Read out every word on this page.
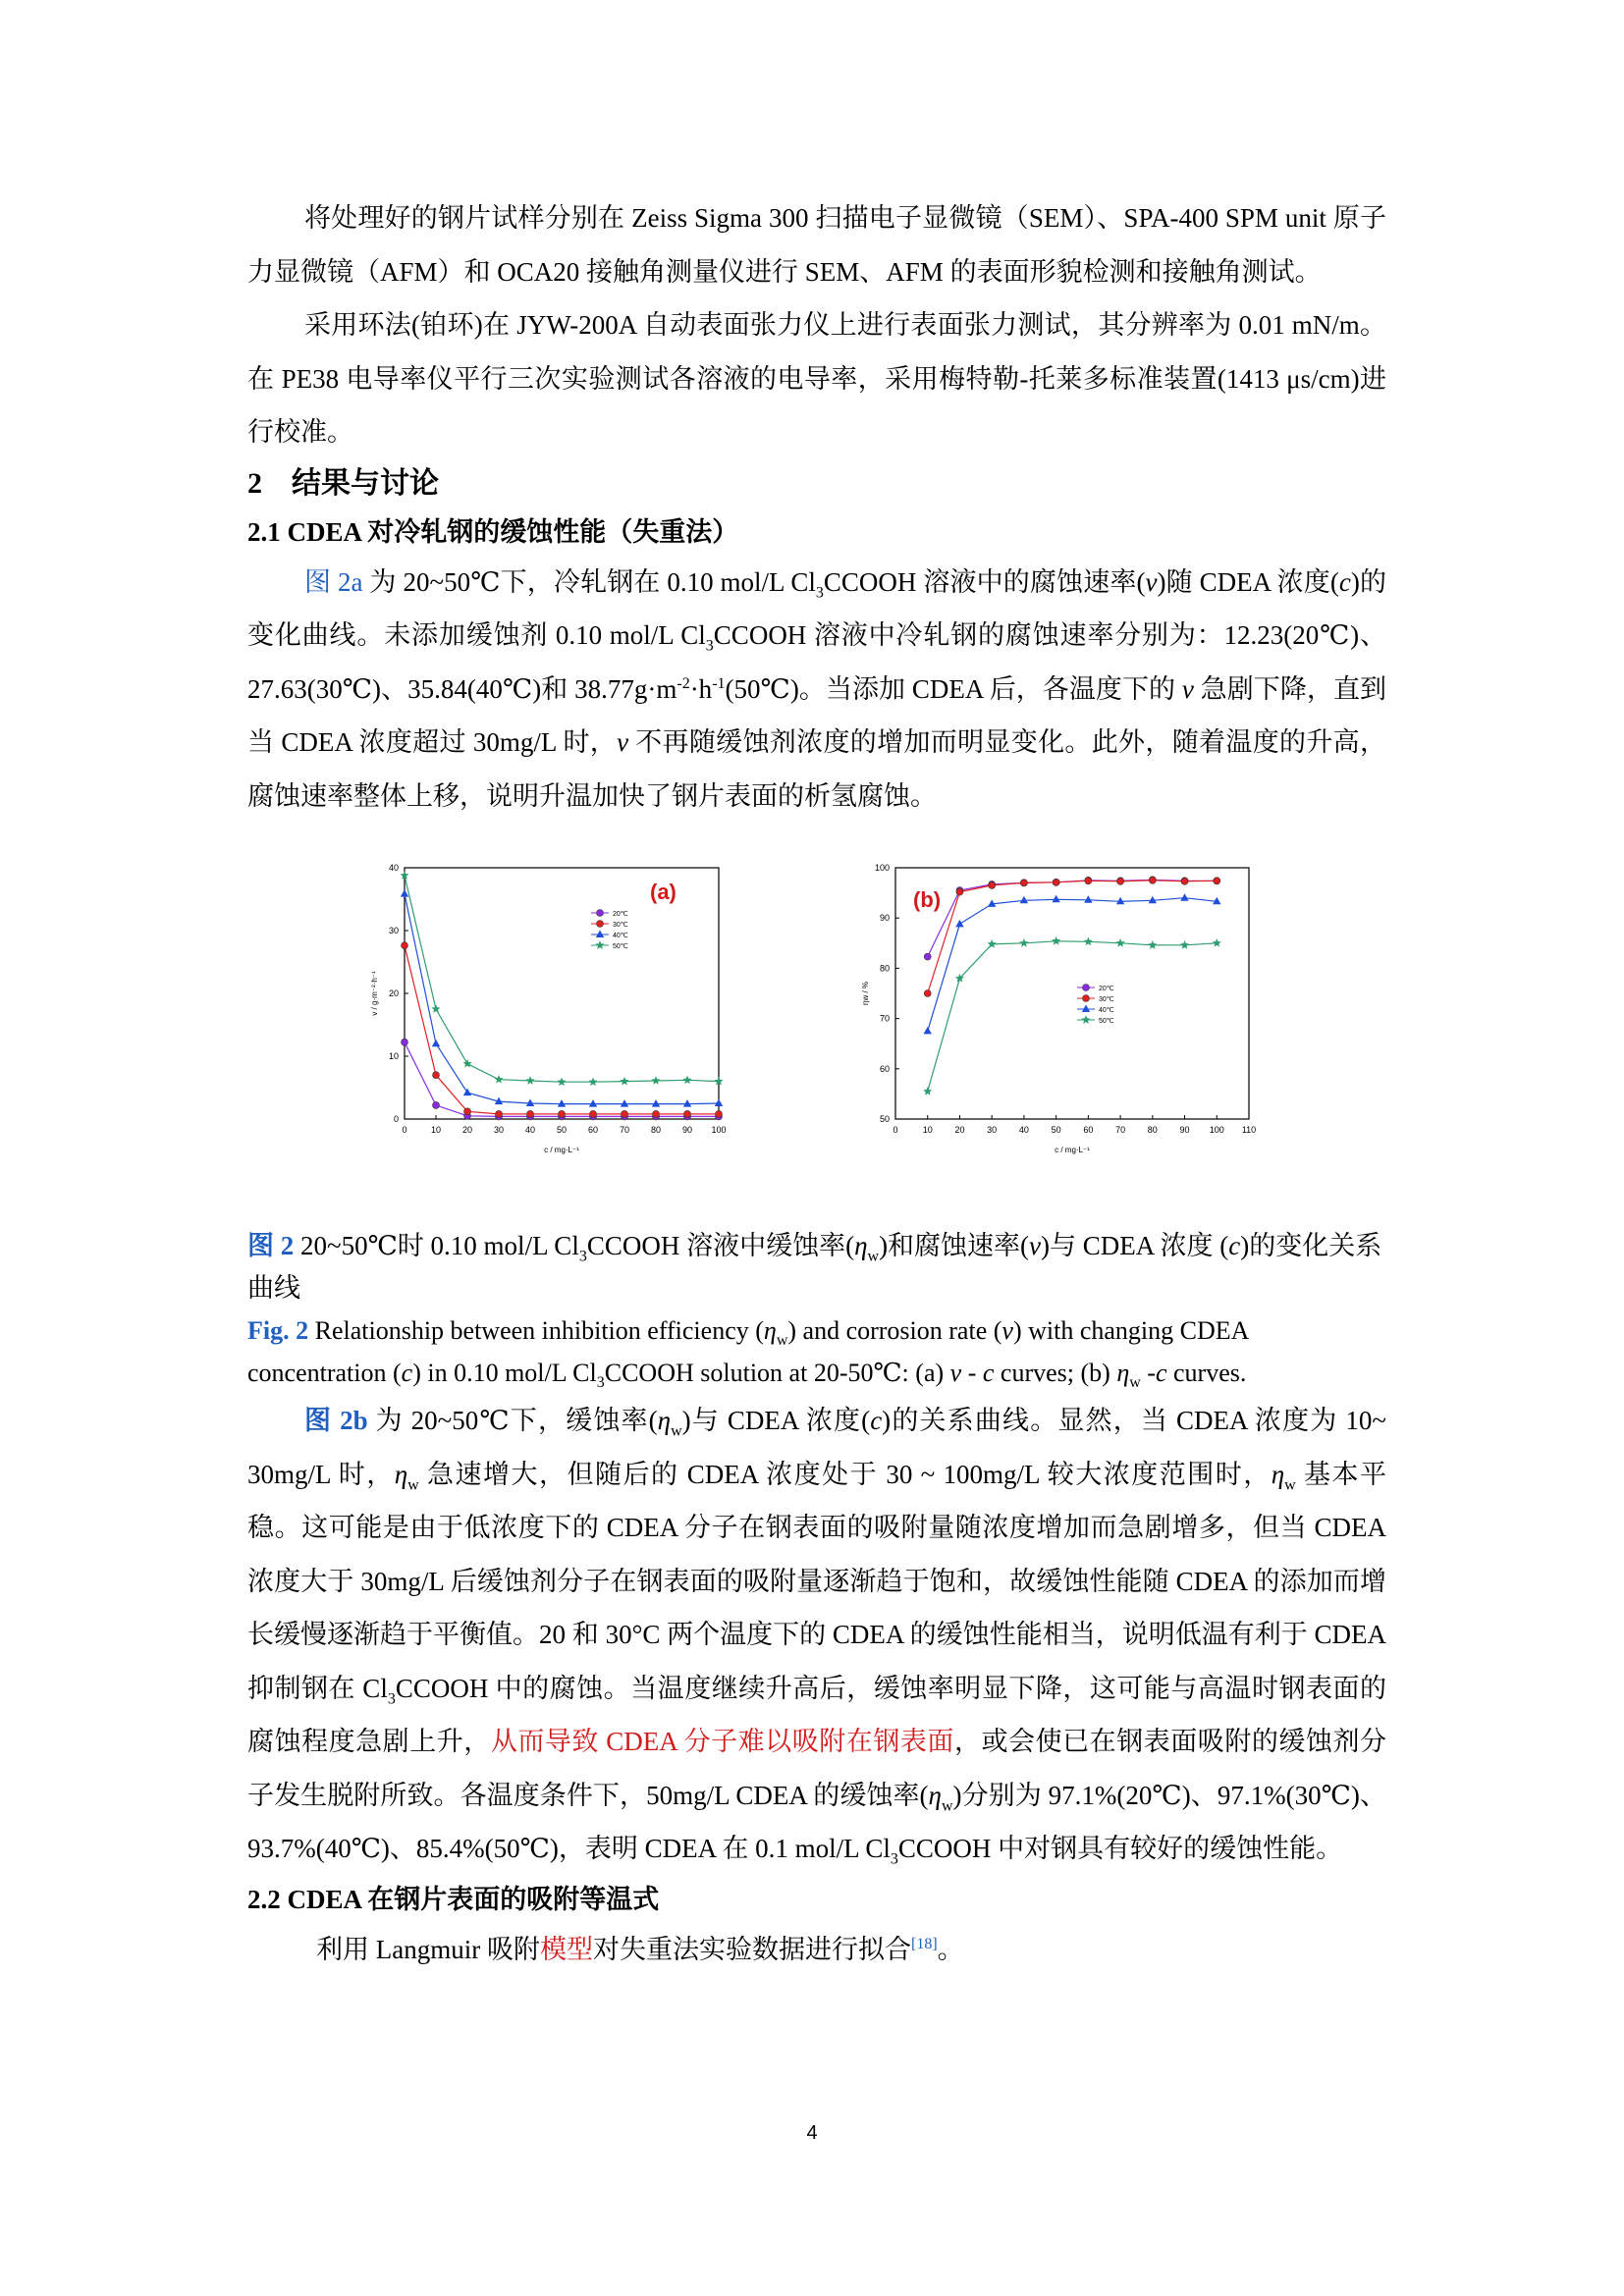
将处理好的钢片试样分别在 Zeiss Sigma 300 扫描电子显微镜（SEM）、SPA-400 SPM unit 原子力显微镜（AFM）和 OCA20 接触角测量仪进行 SEM、AFM 的表面形貌检测和接触角测试。

采用环法(铂环)在 JYW-200A 自动表面张力仪上进行表面张力测试，其分辨率为 0.01 mN/m。在 PE38 电导率仪平行三次实验测试各溶液的电导率，采用梅特勒-托莱多标准装置(1413 μs/cm)进行校准。

2　结果与讨论
2.1 CDEA 对冷轧钢的缓蚀性能（失重法）

图 2a 为 20~50℃下，冷轧钢在 0.10 mol/L $Cl_3CCOOH$ 溶液中的腐蚀速率(v)随 CDEA 浓度(c)的变化曲线。未添加缓蚀剂 0.10 mol/L $Cl_3CCOOH$ 溶液中冷轧钢的腐蚀速率分别为：12.23(20℃)、27.63(30℃)、35.84(40℃)和 $38.77g\cdot m^{-2}\cdot h^{-1}(50℃)$。当添加 CDEA 后，各温度下的 v 急剧下降，直到当 CDEA 浓度超过 30mg/L 时，v 不再随缓蚀剂浓度的增加而明显变化。此外，随着温度的升高，腐蚀速率整体上移，说明升温加快了钢片表面的析氢腐蚀。

0	10 20 30 40 50 60 70 80 90 100
0
10
20
30
40
c / mg·L⁻¹
v / g·m⁻²·h⁻¹
20℃
30℃
40℃
50℃
(a)
0	10	20	30	40	50	60	70	80	90 100 110
50
60
70
80
90
100
c / mg·L⁻¹
ηw / %	20℃
30℃
40℃
50℃
(b)

图 2 20~50℃时 0.10 mol/L $Cl_3CCOOH$ 溶液中缓蚀率$(\eta_w)$和腐蚀速率(v)与 CDEA 浓度 (c)的变化关系曲线

Fig. 2 Relationship between inhibition efficiency $(\eta_w)$ and corrosion rate (v) with changing CDEA concentration (c) in 0.10 mol/L $Cl_3CCOOH$ solution at 20-50℃: (a) v - c curves; (b) $\eta_w$ -c curves.

图 2b 为 20~50℃下，缓蚀率$(\eta_w)$与 CDEA 浓度(c)的关系曲线。显然，当 CDEA 浓度为 10~ 30mg/L 时，$\eta_w$ 急速增大，但随后的 CDEA 浓度处于 30 ~ 100mg/L 较大浓度范围时，$\eta_w$ 基本平稳。这可能是由于低浓度下的 CDEA 分子在钢表面的吸附量随浓度增加而急剧增多，但当 CDEA 浓度大于 30mg/L 后缓蚀剂分子在钢表面的吸附量逐渐趋于饱和，故缓蚀性能随 CDEA 的添加而增长缓慢逐渐趋于平衡值。20 和 30°C 两个温度下的 CDEA 的缓蚀性能相当，说明低温有利于 CDEA 抑制钢在 $Cl_3CCOOH$ 中的腐蚀。当温度继续升高后，缓蚀率明显下降，这可能与高温时钢表面的腐蚀程度急剧上升，从而导致 CDEA 分子难以吸附在钢表面，或会使已在钢表面吸附的缓蚀剂分子发生脱附所致。各温度条件下，50mg/L CDEA 的缓蚀率$(\eta_w)$分别为 97.1%(20℃)、97.1%(30℃)、93.7%(40℃)、85.4%(50℃)，表明 CDEA 在 0.1 mol/L $Cl_3CCOOH$ 中对钢具有较好的缓蚀性能。

2.2 CDEA 在钢片表面的吸附等温式

利用 Langmuir 吸附模型对失重法实验数据进行拟合[18]。

4
